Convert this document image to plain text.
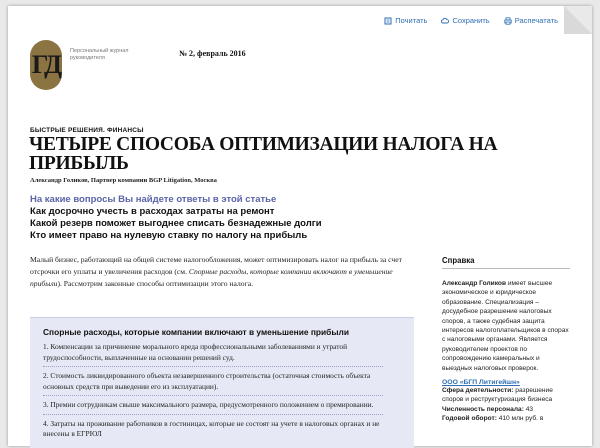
Почитать	Сохранить	Распечатать
ГД Персональный журнал руководителя	№ 2, февраль 2016
БЫСТРЫЕ РЕШЕНИЯ. ФИНАНСЫ
ЧЕТЫРЕ СПОСОБА ОПТИМИЗАЦИИ НАЛОГА НА ПРИБЫЛЬ
Александр Голиков, Партнер компании BGP Litigation, Москва
На какие вопросы Вы найдете ответы в этой статье
Как досрочно учесть в расходах затраты на ремонт
Какой резерв поможет выгоднее списать безнадежные долги
Кто имеет право на нулевую ставку по налогу на прибыль
Малый бизнес, работающий на общей системе налогообложения, может оптимизировать налог на прибыль за счет отсрочки его уплаты и увеличения расходов (см. Спорные расходы, которые компании включают в уменьшение прибыли). Рассмотрим законные способы оптимизации этого налога.
Спорные расходы, которые компании включают в уменьшение прибыли
1. Компенсации за причинение морального вреда профессиональными заболеваниями и утратой трудоспособности, выплаченные на основании решений суд.
2. Стоимость ликвидированного объекта незавершенного строительства (остаточная стоимость объекта основных средств при выведении его из эксплуатации).
3. Премии сотрудникам свыше максимального размера, предусмотренного положением о премировании.
4. Затраты на проживание работников в гостиницах, которые не состоят на учете в налоговых органах и не внесены в ЕГРЮЛ
Справка
Александр Голиков имеет высшее экономическое и юридическое образование. Специализация – досудебное разрешение налоговых споров, а также судебная защита интересов налогоплательщиков в спорах с налоговыми органами. Является руководителем проектов по сопровождению камеральных и выездных налоговых проверок.
ООО «БГП Литигейшн»
Сфера деятельности: разрешение споров и реструктуризация бизнеса
Численность персонала: 43
Годовой оборот: 410 млн руб. в
